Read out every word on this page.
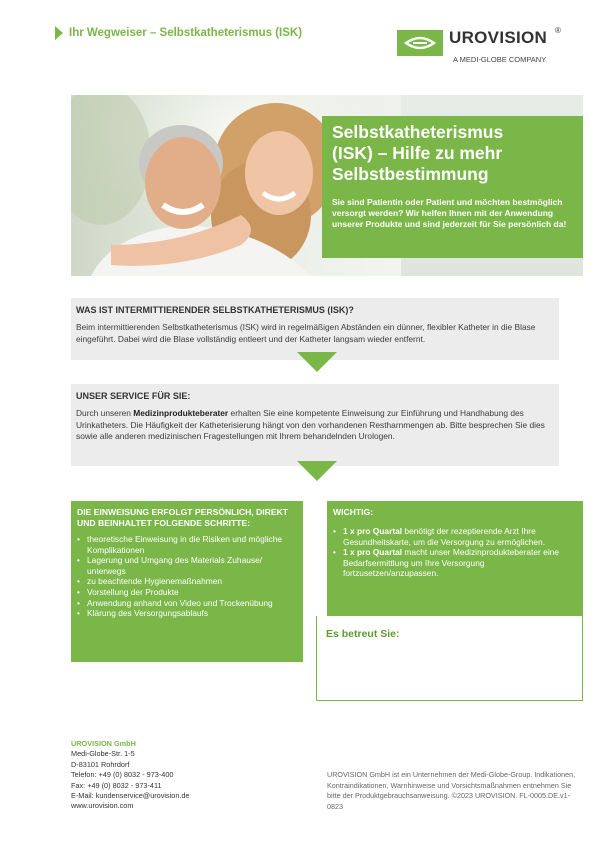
Ihr Wegweiser – Selbstkatheterismus (ISK)	UROVISION ®
A MEDI-GLOBE COMPANY
Selbstkatheterismus (ISK) – Hilfe zu mehr Selbstbestimmung
Sie sind Patientin oder Patient und möchten bestmöglich versorgt werden? Wir helfen Ihnen mit der Anwendung unserer Produkte und sind jederzeit für Sie persönlich da!
WAS IST INTERMITTIERENDER SELBSTKATHETERISMUS (ISK)?
Beim intermittierenden Selbstkatheterismus (ISK) wird in regelmäßigen Abständen ein dünner, flexibler Katheter in die Blase eingeführt. Dabei wird die Blase vollständig entleert und der Katheter langsam wieder entfernt.
UNSER SERVICE FÜR SIE:
Durch unseren Medizinprodukteberater erhalten Sie eine kompetente Einweisung zur Einführung und Handhabung des Urinkatheters. Die Häufigkeit der Katheterisierung hängt von den vorhandenen Restharnmengen ab. Bitte besprechen Sie dies sowie alle anderen medizinischen Fragestellungen mit Ihrem behandelnden Urologen.
DIE EINWEISUNG ERFOLGT PERSÖNLICH, DIREKT UND BEINHALTET FOLGENDE SCHRITTE:
• theoretische Einweisung in die Risiken und mögliche Komplikationen
• Lagerung und Umgang des Materials Zuhause/ unterwegs
• zu beachtende Hygienemaßnahmen
• Vorstellung der Produkte
• Anwendung anhand von Video und Trockenübung
• Klärung des Versorgungsablaufs
WICHTIG:
• 1 x pro Quartal benötigt der rezeptierende Arzt Ihre Gesundheitskarte, um die Versorgung zu ermöglichen.
• 1 x pro Quartal macht unser Medizinprodukteberater eine Bedarfsermittlung um Ihre Versorgung fortzusetzen/anzupassen.
Es betreut Sie:
UROVISION GmbH
Medi-Globe-Str. 1-5
D-83101 Rohrdorf
Telefon: +49 (0) 8032 - 973-400
Fax: +49 (0) 8032 - 973-411
E-Mail: kundenservice@urovision.de
www.urovision.com
UROVISION GmbH ist ein Unternehmen der Medi-Globe-Group. Indikationen, Kontraindikationen, Warnhinweise und Vorsichtsmaßnahmen entnehmen Sie bitte der Produktgebrauchsanweisung. ©2023 UROVISION. FL-0005.DE.v1-0823
